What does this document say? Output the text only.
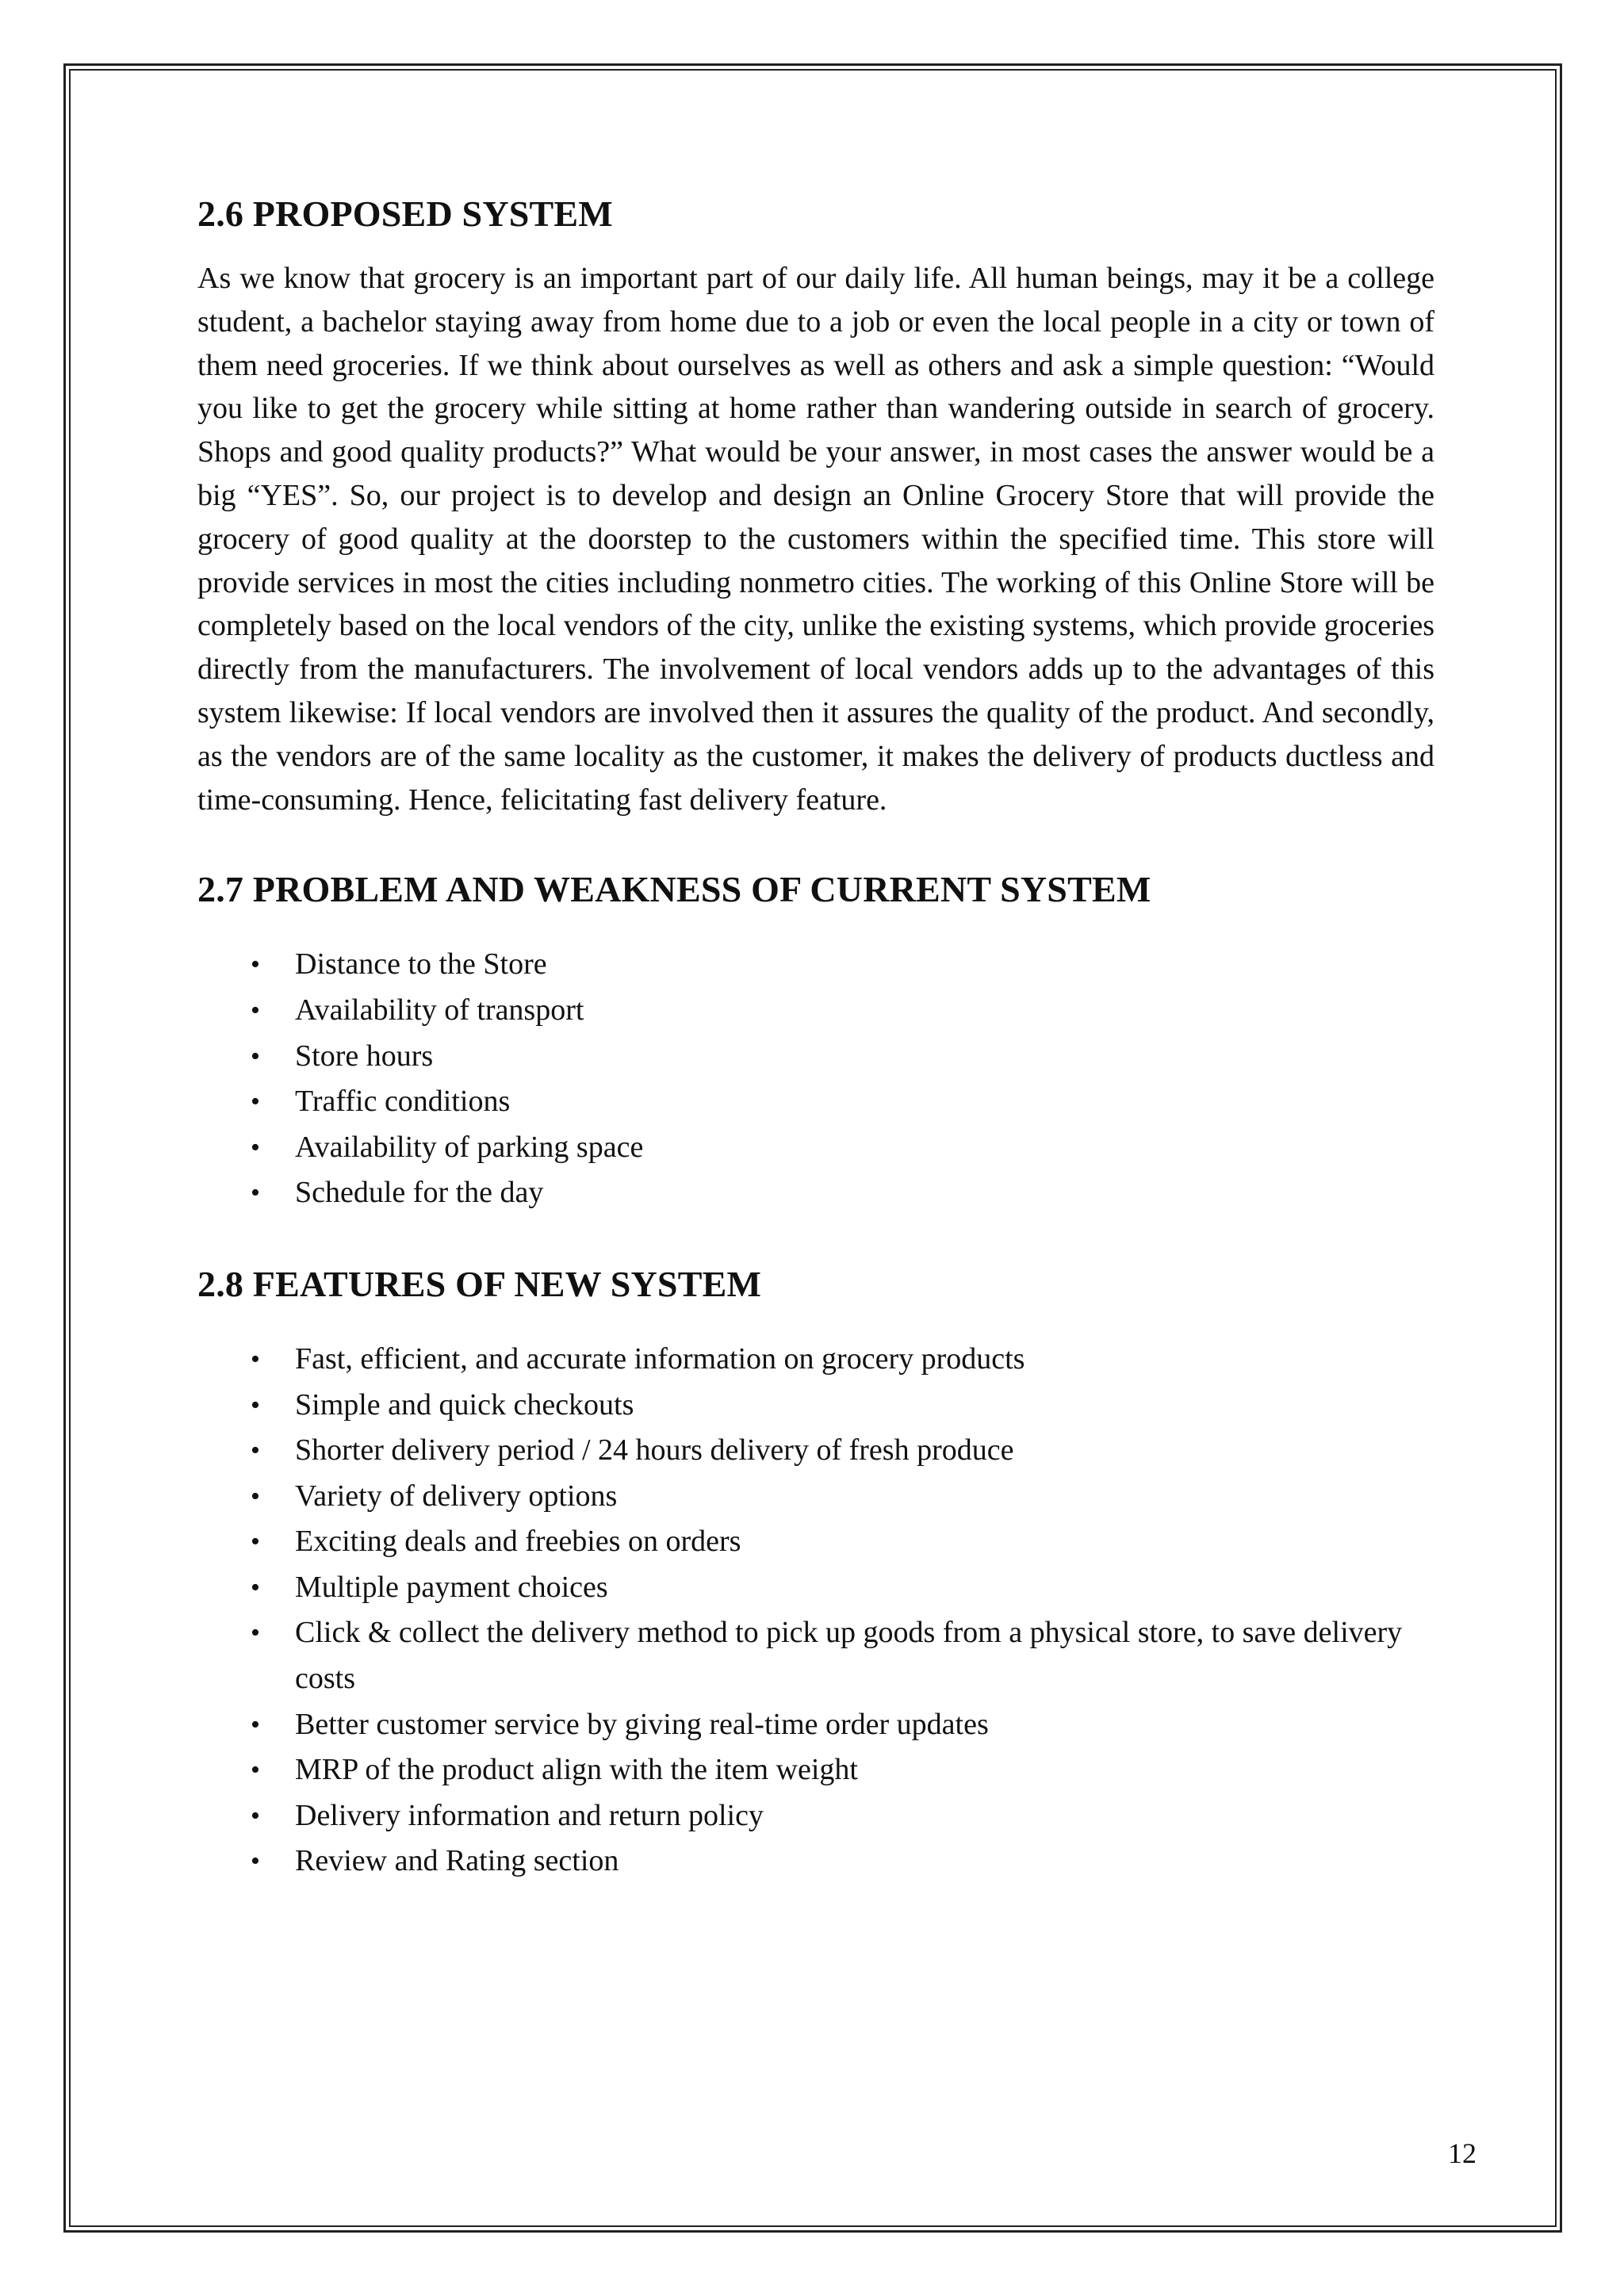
2.6 PROPOSED SYSTEM

As we know that grocery is an important part of our daily life. All human beings, may it be a college student, a bachelor staying away from home due to a job or even the local people in a city or town of them need groceries. If we think about ourselves as well as others and ask a simple question: “Would you like to get the grocery while sitting at home rather than wandering outside in search of grocery. Shops and good quality products?” What would be your answer, in most cases the answer would be a big “YES”. So, our project is to develop and design an Online Grocery Store that will provide the grocery of good quality at the doorstep to the customers within the specified time. This store will provide services in most the cities including nonmetro cities. The working of this Online Store will be completely based on the local vendors of the city, unlike the existing systems, which provide groceries directly from the manufacturers. The involvement of local vendors adds up to the advantages of this system likewise: If local vendors are involved then it assures the quality of the product. And secondly, as the vendors are of the same locality as the customer, it makes the delivery of products ductless and time-consuming. Hence, felicitating fast delivery feature.

2.7 PROBLEM AND WEAKNESS OF CURRENT SYSTEM
• Distance to the Store
• Availability of transport
• Store hours
• Traffic conditions
• Availability of parking space
• Schedule for the day
2.8 FEATURES OF NEW SYSTEM
• Fast, efficient, and accurate information on grocery products
• Simple and quick checkouts
• Shorter delivery period / 24 hours delivery of fresh produce
• Variety of delivery options
• Exciting deals and freebies on orders
• Multiple payment choices
• Click & collect the delivery method to pick up goods from a physical store, to save delivery costs
• Better customer service by giving real-time order updates
• MRP of the product align with the item weight
• Delivery information and return policy
• Review and Rating section
12
